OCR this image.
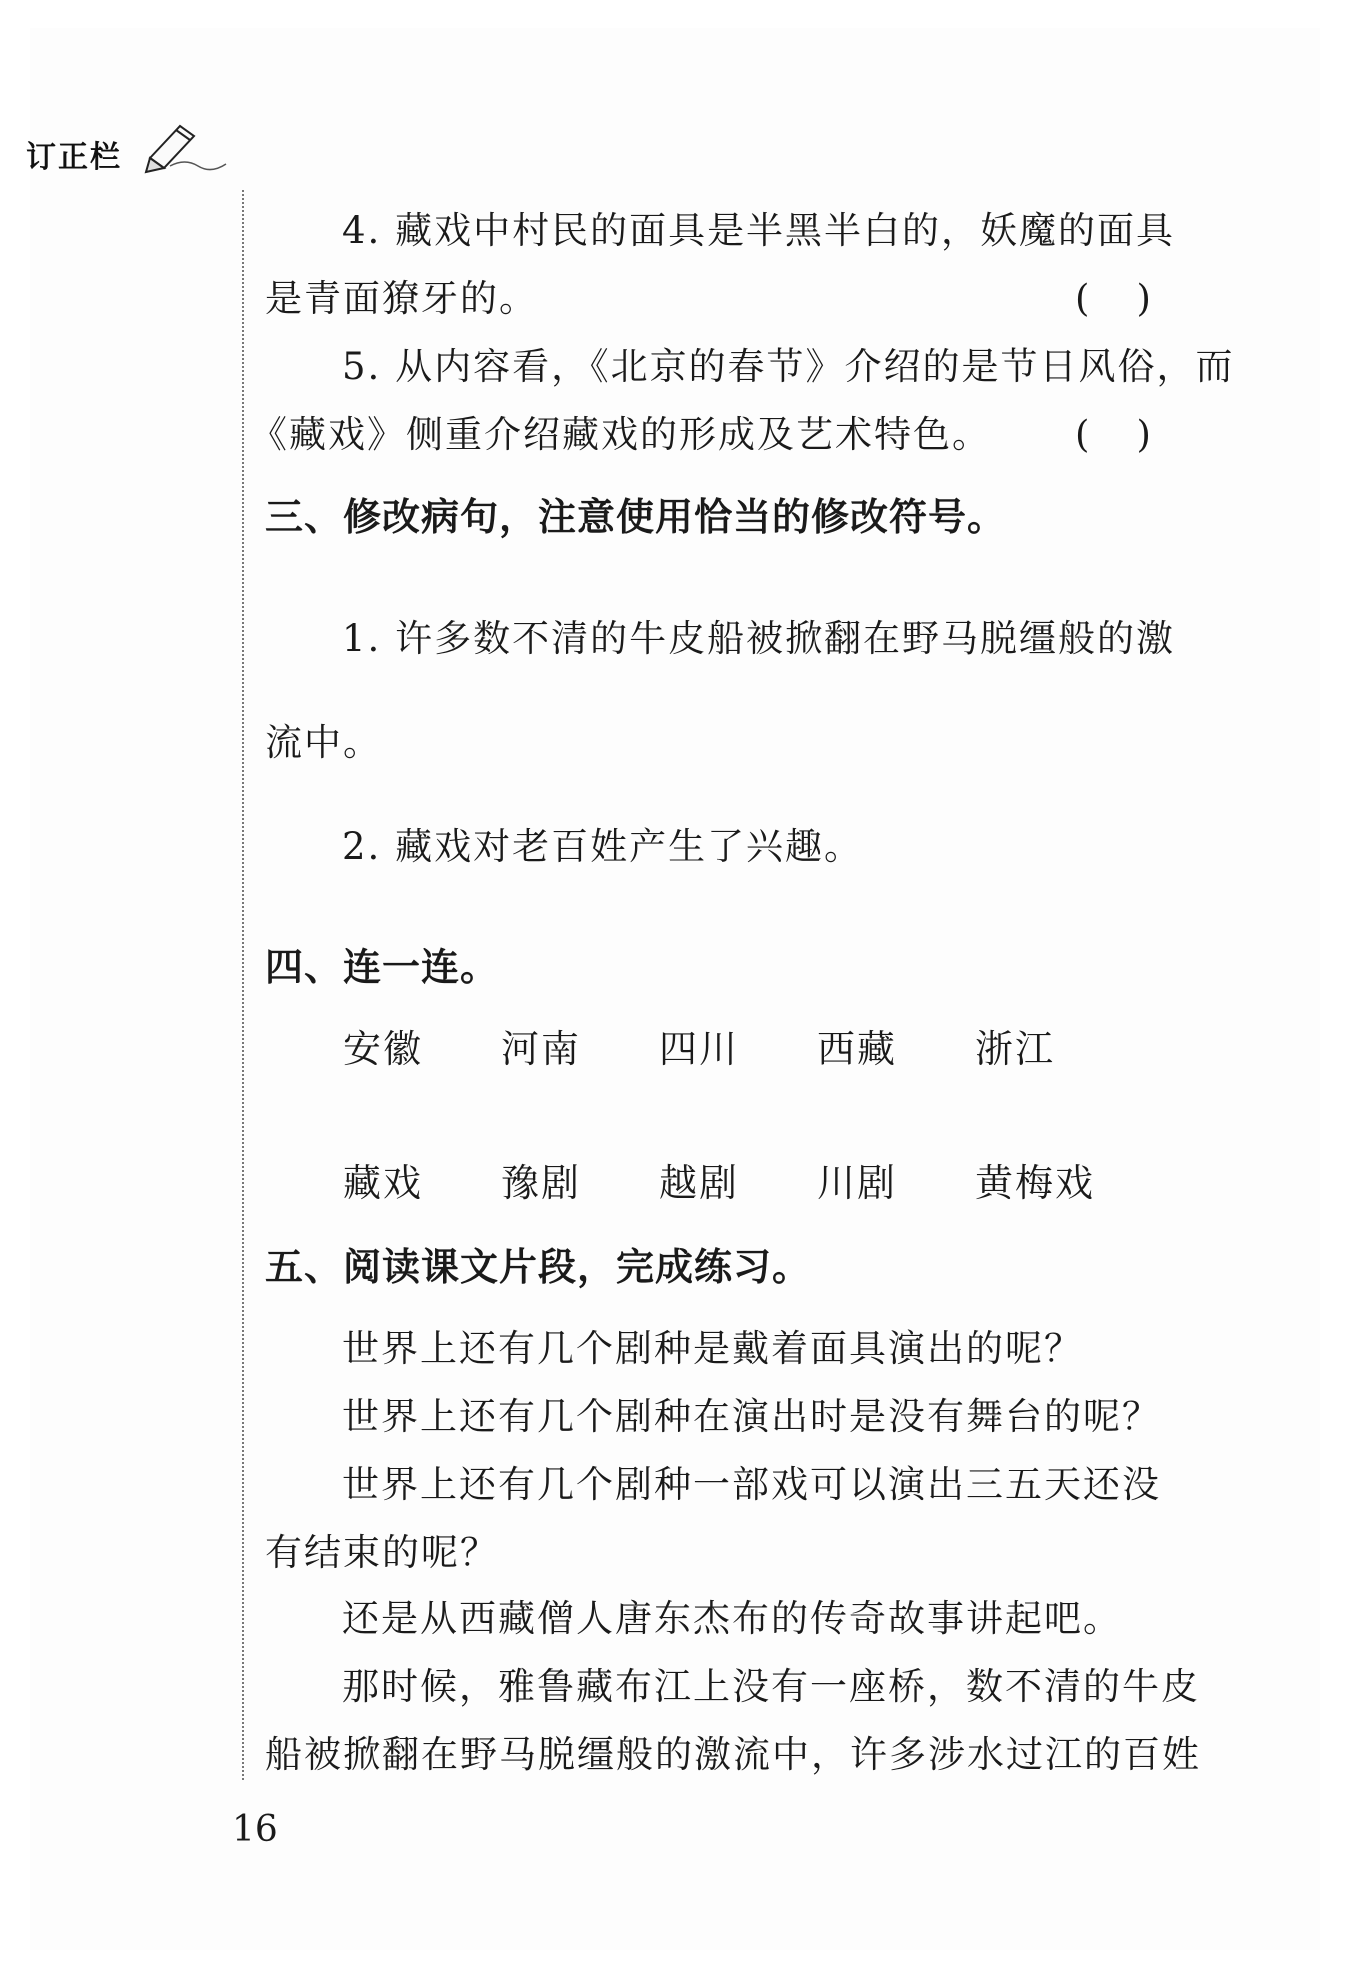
订正栏
4. 藏戏中村民的面具是半黑半白的，妖魔的面具
是青面獠牙的。	(    )
5. 从内容看，《北京的春节》介绍的是节日风俗，而
《藏戏》侧重介绍藏戏的形成及艺术特色。 (    )
三、修改病句，注意使用恰当的修改符号。
1. 许多数不清的牛皮船被掀翻在野马脱缰般的激
流中。
2. 藏戏对老百姓产生了兴趣。
四、连一连。
安徽 河南 四川 西藏 浙江
藏戏 豫剧 越剧 川剧 黄梅戏
五、阅读课文片段，完成练习。
世界上还有几个剧种是戴着面具演出的呢？
世界上还有几个剧种在演出时是没有舞台的呢？
世界上还有几个剧种一部戏可以演出三五天还没
有结束的呢？
还是从西藏僧人唐东杰布的传奇故事讲起吧。
那时候，雅鲁藏布江上没有一座桥，数不清的牛皮
船被掀翻在野马脱缰般的激流中，许多涉水过江的百姓
16
